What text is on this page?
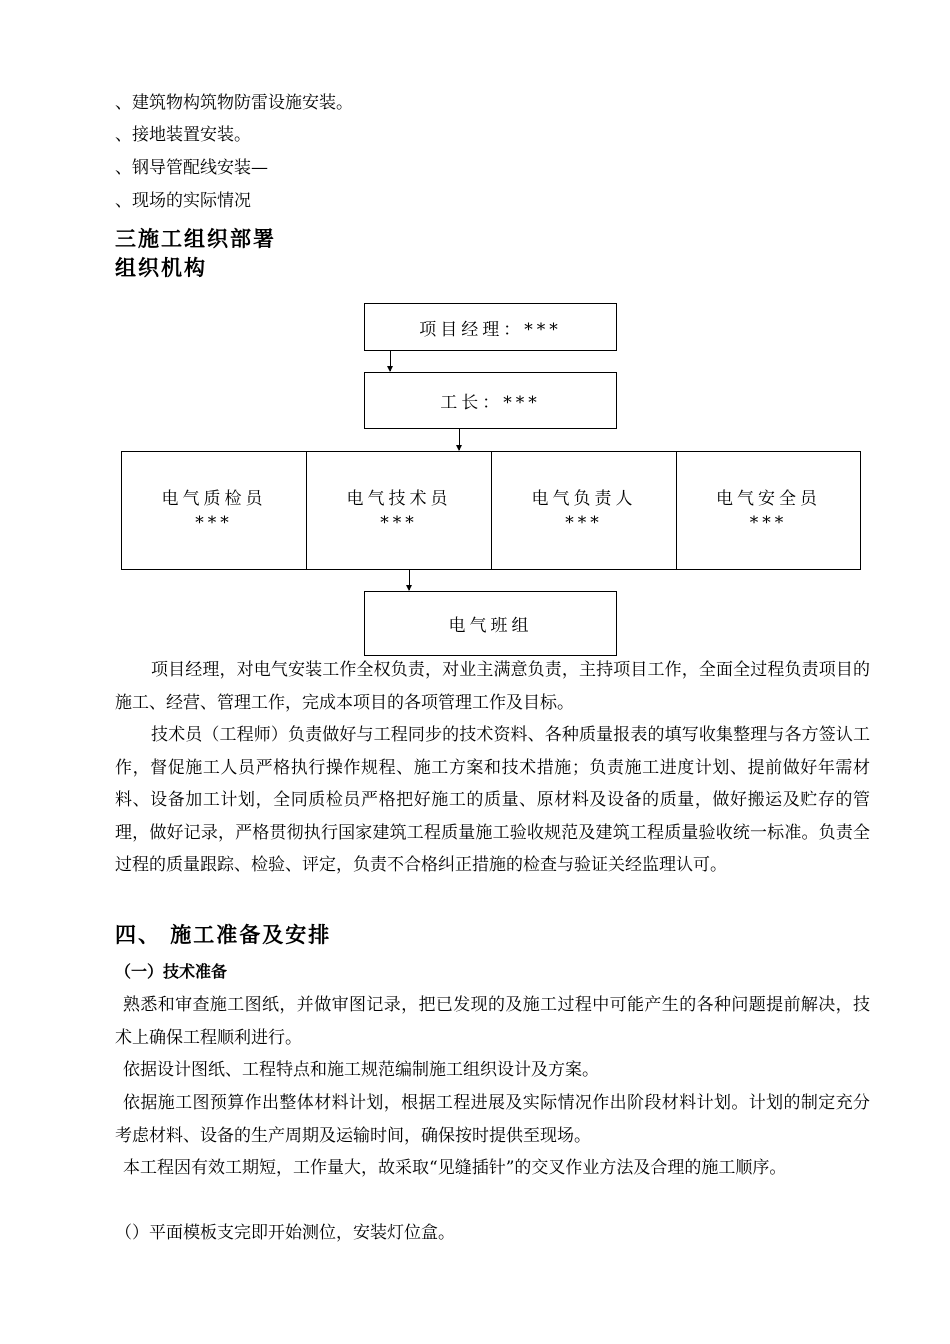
、建筑物构筑物防雷设施安装。
、接地装置安装。
、钢导管配线安装—
、现场的实际情况
三施工组织部署
组织机构
项目经理：***
工长：***
电气质检员
***
电气技术员
***
电气负责人
***
电气安全员
***
电气班组

项目经理，对电气安装工作全权负责，对业主满意负责，主持项目工作，全面全过程负责项目的施工、经营、管理工作，完成本项目的各项管理工作及目标。

技术员（工程师）负责做好与工程同步的技术资料、各种质量报表的填写收集整理与各方签认工作，督促施工人员严格执行操作规程、施工方案和技术措施；负责施工进度计划、提前做好年需材料、设备加工计划，全同质检员严格把好施工的质量、原材料及设备的质量，做好搬运及贮存的管理，做好记录，严格贯彻执行国家建筑工程质量施工验收规范及建筑工程质量验收统一标准。负责全过程的质量跟踪、检验、评定，负责不合格纠正措施的检查与验证关经监理认可。

四、 施工准备及安排
（一）技术准备

熟悉和审查施工图纸，并做审图记录，把已发现的及施工过程中可能产生的各种问题提前解决，技术上确保工程顺利进行。

依据设计图纸、工程特点和施工规范编制施工组织设计及方案。

依据施工图预算作出整体材料计划，根据工程进展及实际情况作出阶段材料计划。计划的制定充分考虑材料、设备的生产周期及运输时间，确保按时提供至现场。

本工程因有效工期短，工作量大，故采取“见缝插针”的交叉作业方法及合理的施工顺序。

（）平面模板支完即开始测位，安装灯位盒。
